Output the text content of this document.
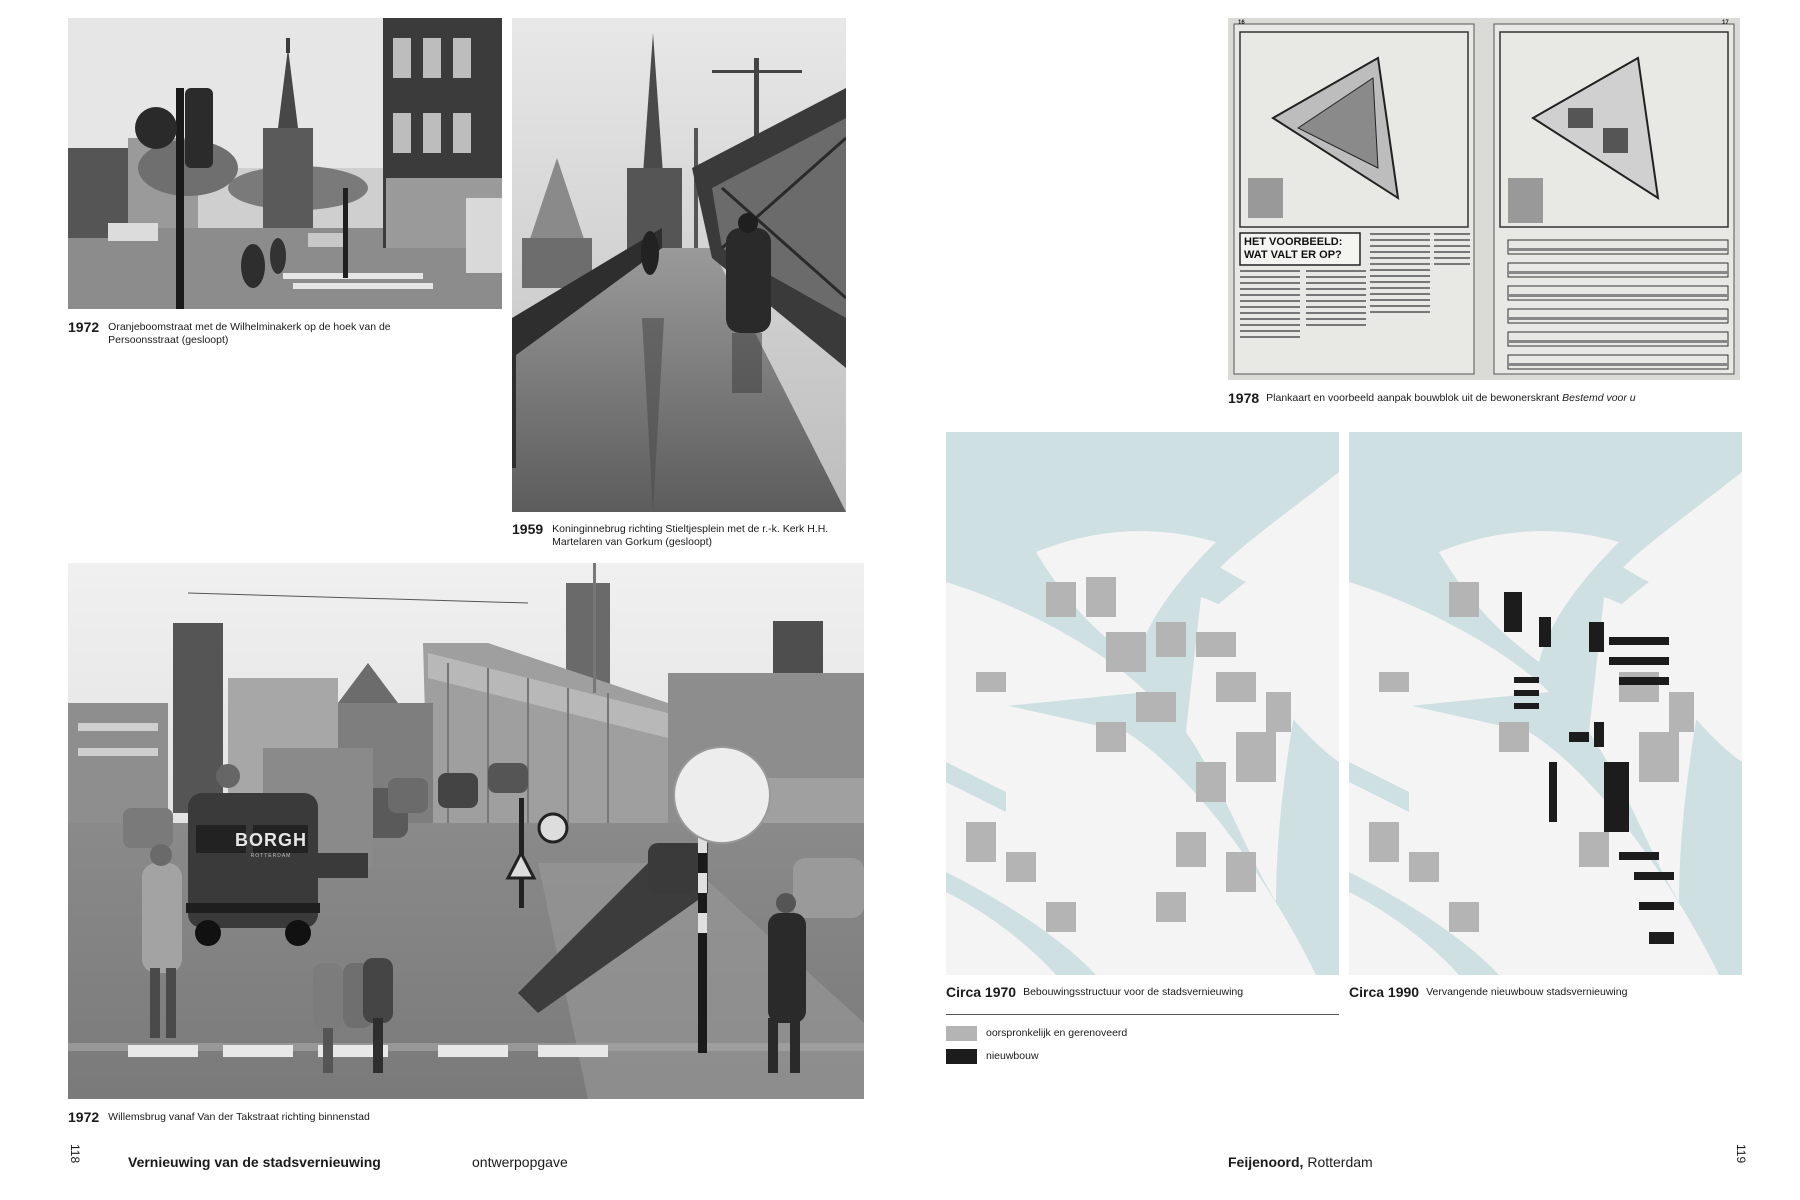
1972 Oranjeboomstraat met de Wilhelminakerk op de hoek van de Persoonsstraat (gesloopt)
1959 Koninginnebrug richting Stieltjesplein met de r.-k. Kerk H.H. Martelaren van Gorkum (gesloopt)
BORGH
ROTTERDAM
1972 Willemsbrug vanaf Van der Takstraat richting binnenstad
118	Vernieuwing van de stadsvernieuwing	ontwerpopgave
16	17
HET VOORBEELD:
WAT VALT ER OP?
1978 Plankaart en voorbeeld aanpak bouwblok uit de bewonerskrant Bestemd voor u
Circa 1970 Bebouwingsstructuur voor de stadsvernieuwing	Circa 1990 Vervangende nieuwbouw stadsvernieuwing
oorspronkelijk en gerenoveerd
nieuwbouw
Feijenoord, Rotterdam	119
